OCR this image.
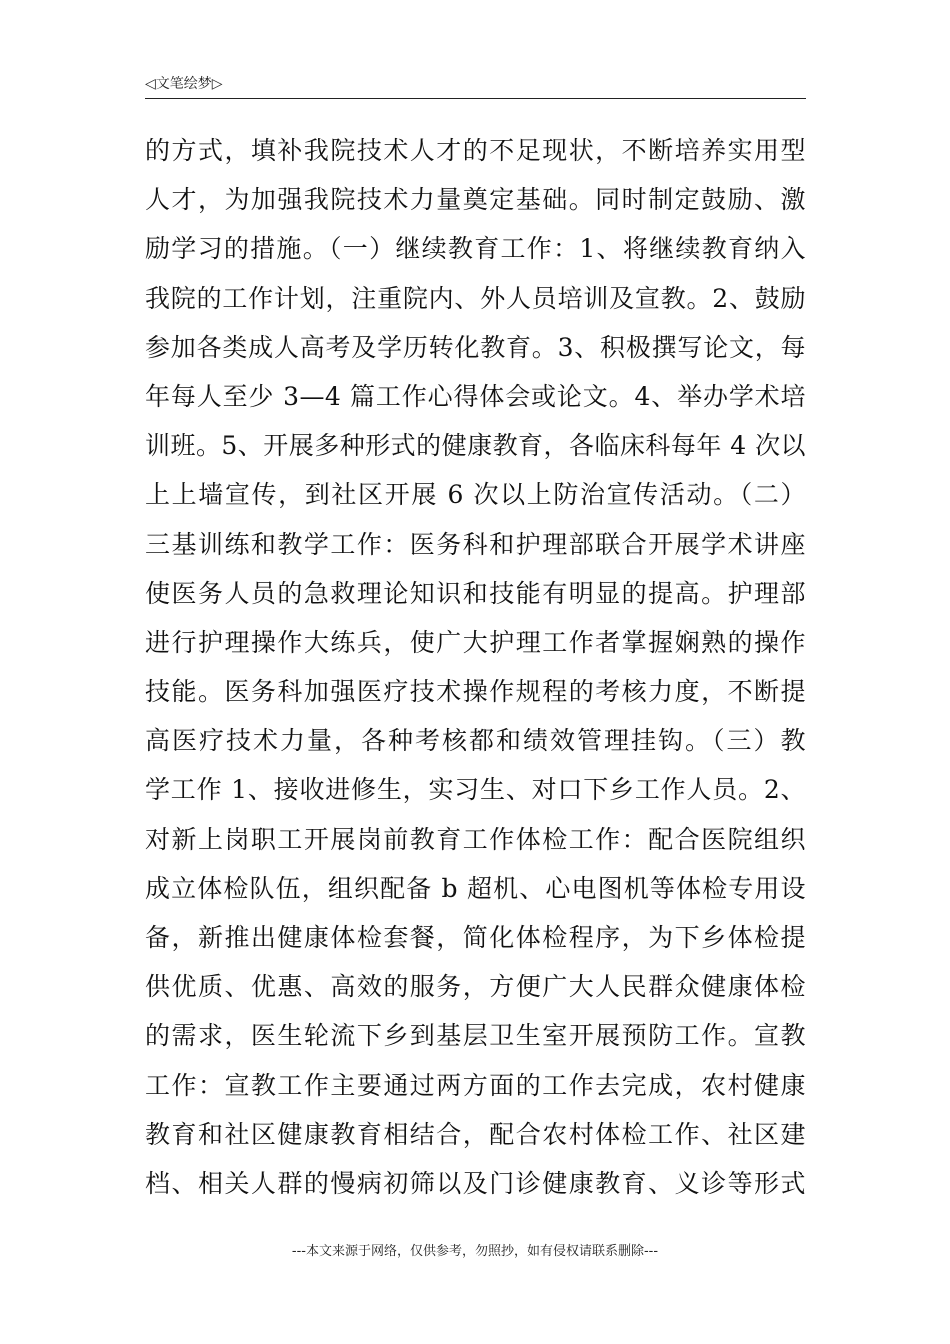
◁文笔绘梦▷
的方式，填补我院技术人才的不足现状，不断培养实用型
人才，为加强我院技术力量奠定基础。同时制定鼓励、激
励学习的措施。（一）继续教育工作：1、将继续教育纳入
我院的工作计划，注重院内、外人员培训及宣教。2、鼓励
参加各类成人高考及学历转化教育。3、积极撰写论文，每
年每人至少 3—4 篇工作心得体会或论文。4、举办学术培
训班。5、开展多种形式的健康教育，各临床科每年 4 次以
上上墙宣传，到社区开展 6 次以上防治宣传活动。（二）
三基训练和教学工作：医务科和护理部联合开展学术讲座
使医务人员的急救理论知识和技能有明显的提高。护理部
进行护理操作大练兵，使广大护理工作者掌握娴熟的操作
技能。医务科加强医疗技术操作规程的考核力度，不断提
高医疗技术力量，各种考核都和绩效管理挂钩。（三）教
学工作 1、接收进修生，实习生、对口下乡工作人员。2、
对新上岗职工开展岗前教育工作体检工作：配合医院组织
成立体检队伍，组织配备 b 超机、心电图机等体检专用设
备，新推出健康体检套餐，简化体检程序，为下乡体检提
供优质、优惠、高效的服务，方便广大人民群众健康体检
的需求，医生轮流下乡到基层卫生室开展预防工作。宣教
工作：宣教工作主要通过两方面的工作去完成，农村健康
教育和社区健康教育相结合，配合农村体检工作、社区建
档、相关人群的慢病初筛以及门诊健康教育、义诊等形式
---本文来源于网络，仅供参考，勿照抄，如有侵权请联系删除---
